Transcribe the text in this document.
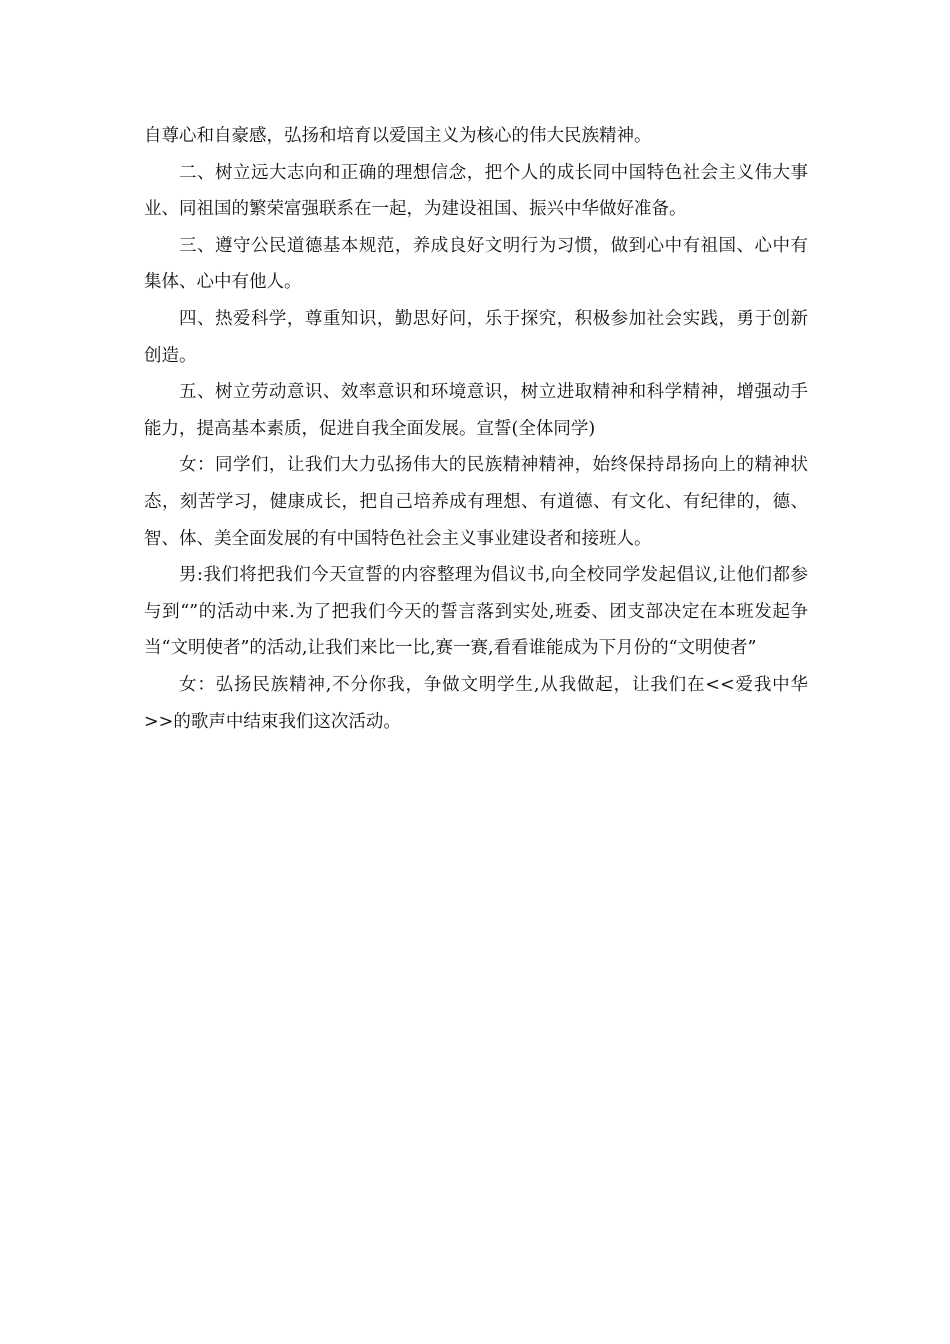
自尊心和自豪感，弘扬和培育以爱国主义为核心的伟大民族精神。

二、树立远大志向和正确的理想信念，把个人的成长同中国特色社会主义伟大事业、同祖国的繁荣富强联系在一起，为建设祖国、振兴中华做好准备。

三、遵守公民道德基本规范，养成良好文明行为习惯，做到心中有祖国、心中有集体、心中有他人。

四、热爱科学，尊重知识，勤思好问，乐于探究，积极参加社会实践，勇于创新创造。

五、树立劳动意识、效率意识和环境意识，树立进取精神和科学精神，增强动手能力，提高基本素质，促进自我全面发展。宣誓(全体同学)

女：同学们，让我们大力弘扬伟大的民族精神精神，始终保持昂扬向上的精神状态，刻苦学习，健康成长，把自己培养成有理想、有道德、有文化、有纪律的，德、智、体、美全面发展的有中国特色社会主义事业建设者和接班人。

男:我们将把我们今天宣誓的内容整理为倡议书,向全校同学发起倡议,让他们都参与到“”的活动中来.为了把我们今天的誓言落到实处,班委、团支部决定在本班发起争当“文明使者”的活动,让我们来比一比,赛一赛,看看谁能成为下月份的“文明使者”

女：弘扬民族精神,不分你我，争做文明学生,从我做起，让我们在<<爱我中华>>的歌声中结束我们这次活动。
